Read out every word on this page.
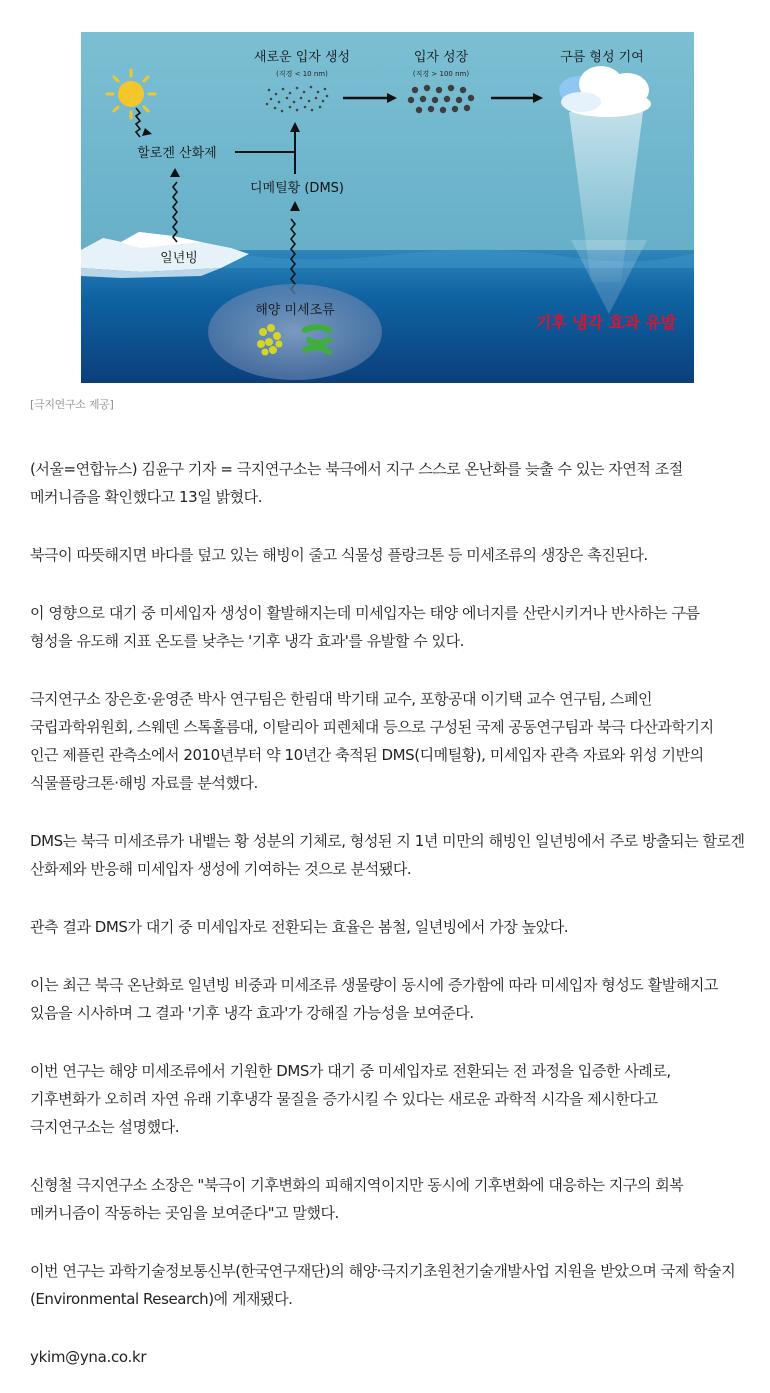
새로운 입자 생성
(직경 < 10 nm)
입자 성장
(직경 > 100 nm)
구름 형성 기여
할로겐 산화제
디메틸황 (DMS)
일년빙
해양 미세조류
기후 냉각 효과 유발
[극지연구소 제공]

(서울=연합뉴스) 김윤구 기자 = 극지연구소는 북극에서 지구 스스로 온난화를 늦출 수 있는 자연적 조절 메커니즘을 확인했다고 13일 밝혔다.

북극이 따뜻해지면 바다를 덮고 있는 해빙이 줄고 식물성 플랑크톤 등 미세조류의 생장은 촉진된다.

이 영향으로 대기 중 미세입자 생성이 활발해지는데 미세입자는 태양 에너지를 산란시키거나 반사하는 구름 형성을 유도해 지표 온도를 낮추는 '기후 냉각 효과'를 유발할 수 있다.

극지연구소 장은호·윤영준 박사 연구팀은 한림대 박기태 교수, 포항공대 이기택 교수 연구팀, 스페인 국립과학위원회, 스웨덴 스톡홀름대, 이탈리아 피렌체대 등으로 구성된 국제 공동연구팀과 북극 다산과학기지 인근 제플린 관측소에서 2010년부터 약 10년간 축적된 DMS(디메틸황), 미세입자 관측 자료와 위성 기반의 식물플랑크톤·해빙 자료를 분석했다.

DMS는 북극 미세조류가 내뱉는 황 성분의 기체로, 형성된 지 1년 미만의 해빙인 일년빙에서 주로 방출되는 할로겐 산화제와 반응해 미세입자 생성에 기여하는 것으로 분석됐다.

관측 결과 DMS가 대기 중 미세입자로 전환되는 효율은 봄철, 일년빙에서 가장 높았다.

이는 최근 북극 온난화로 일년빙 비중과 미세조류 생물량이 동시에 증가함에 따라 미세입자 형성도 활발해지고 있음을 시사하며 그 결과 '기후 냉각 효과'가 강해질 가능성을 보여준다.

이번 연구는 해양 미세조류에서 기원한 DMS가 대기 중 미세입자로 전환되는 전 과정을 입증한 사례로, 기후변화가 오히려 자연 유래 기후냉각 물질을 증가시킬 수 있다는 새로운 과학적 시각을 제시한다고 극지연구소는 설명했다.

신형철 극지연구소 소장은 "북극이 기후변화의 피해지역이지만 동시에 기후변화에 대응하는 지구의 회복 메커니즘이 작동하는 곳임을 보여준다"고 말했다.

이번 연구는 과학기술정보통신부(한국연구재단)의 해양·극지기초원천기술개발사업 지원을 받았으며 국제 학술지(Environmental Research)에 게재됐다.

ykim@yna.co.kr
